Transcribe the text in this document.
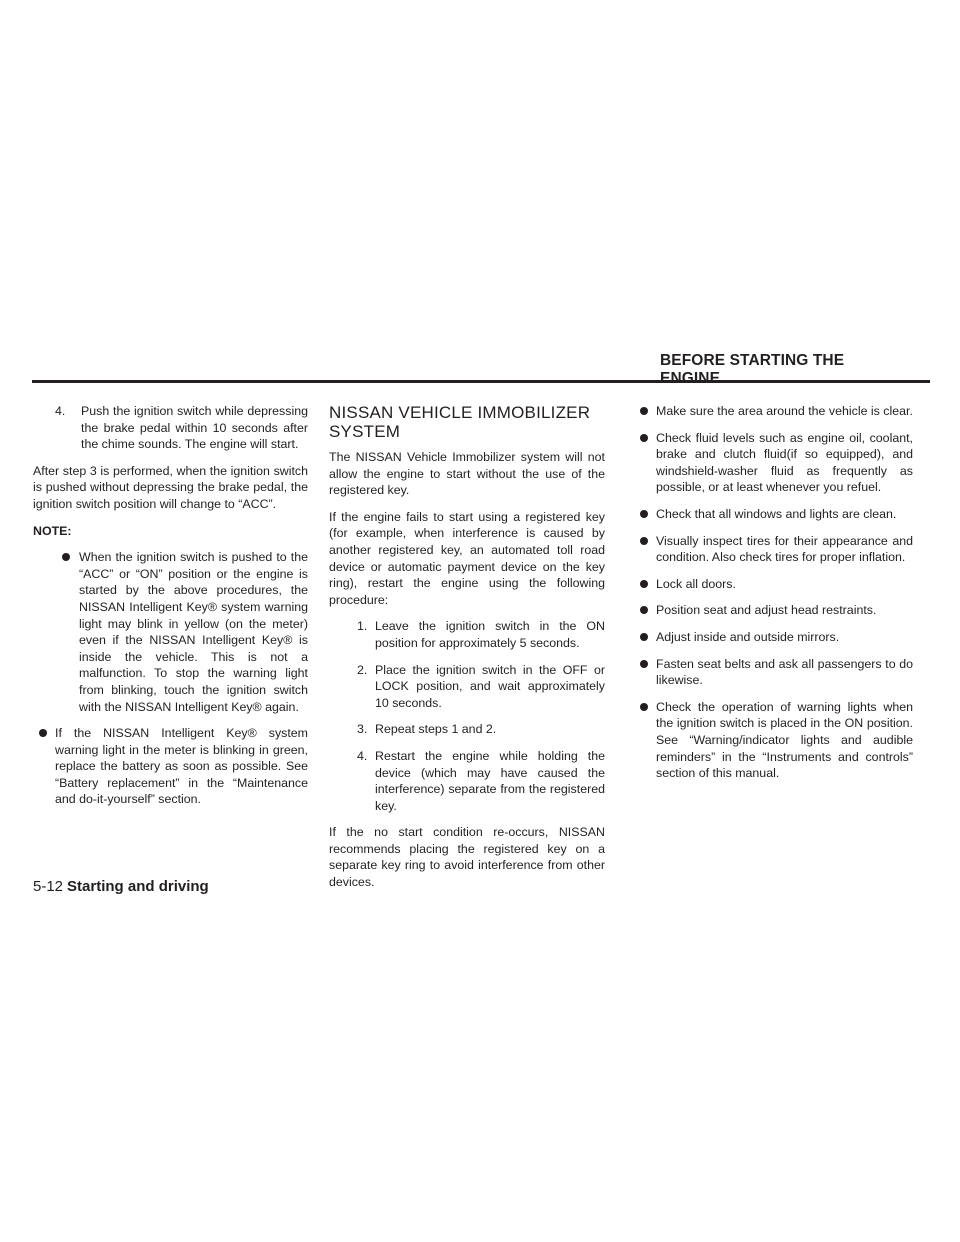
BEFORE STARTING THE ENGINE
4. Push the ignition switch while depressing the brake pedal within 10 seconds after the chime sounds. The engine will start.

After step 3 is performed, when the ignition switch is pushed without depressing the brake pedal, the ignition switch position will change to “ACC”.

NOTE:
When the ignition switch is pushed to the “ACC” or “ON” position or the engine is started by the above procedures, the NISSAN Intelligent Key® system warning light may blink in yellow (on the meter) even if the NISSAN Intelligent Key® is inside the vehicle. This is not a malfunction. To stop the warning light from blinking, touch the ignition switch with the NISSAN Intelligent Key® again.
If the NISSAN Intelligent Key® system warning light in the meter is blinking in green, replace the battery as soon as possible. See “Battery replacement” in the “Maintenance and do-it-yourself” section.
NISSAN VEHICLE IMMOBILIZER SYSTEM

The NISSAN Vehicle Immobilizer system will not allow the engine to start without the use of the registered key.

If the engine fails to start using a registered key (for example, when interference is caused by another registered key, an automated toll road device or automatic payment device on the key ring), restart the engine using the following procedure:

1. Leave the ignition switch in the ON position for approximately 5 seconds.
2. Place the ignition switch in the OFF or LOCK position, and wait approximately 10 seconds.
3. Repeat steps 1 and 2.
4. Restart the engine while holding the device (which may have caused the interference) separate from the registered key.

If the no start condition re-occurs, NISSAN recommends placing the registered key on a separate key ring to avoid interference from other devices.

Make sure the area around the vehicle is clear.
Check fluid levels such as engine oil, coolant, brake and clutch fluid(if so equipped), and windshield-washer fluid as frequently as possible, or at least whenever you refuel.
Check that all windows and lights are clean.
Visually inspect tires for their appearance and condition. Also check tires for proper inflation.
Lock all doors.
Position seat and adjust head restraints.
Adjust inside and outside mirrors.
Fasten seat belts and ask all passengers to do likewise.
Check the operation of warning lights when the ignition switch is placed in the ON position. See “Warning/indicator lights and audible reminders” in the “Instruments and controls” section of this manual.
5-12 Starting and driving
